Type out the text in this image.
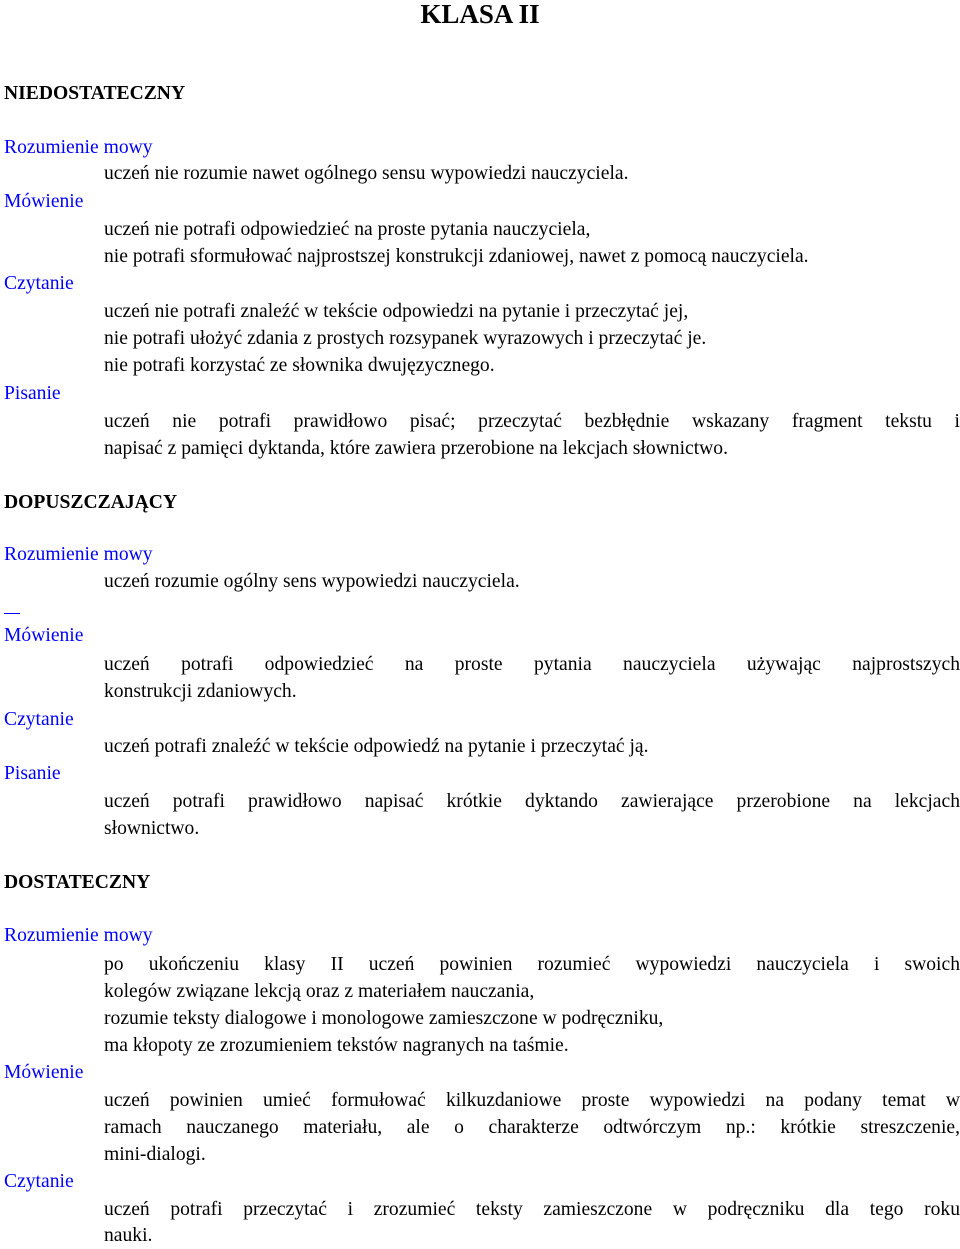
KLASA II
NIEDOSTATECZNY
Rozumienie mowy
uczeń nie rozumie nawet ogólnego sensu wypowiedzi nauczyciela.
Mówienie
uczeń nie potrafi odpowiedzieć na proste pytania nauczyciela,
nie potrafi sformułować najprostszej konstrukcji zdaniowej, nawet z pomocą nauczyciela.
Czytanie
uczeń nie potrafi znaleźć w tekście odpowiedzi na pytanie i przeczytać jej,
nie potrafi ułożyć zdania z prostych rozsypanek wyrazowych i przeczytać je.
nie potrafi korzystać ze słownika dwujęzycznego.
Pisanie
uczeń nie potrafi prawidłowo pisać; przeczytać bezbłędnie wskazany fragment tekstu i
napisać z pamięci dyktanda, które zawiera przerobione na lekcjach słownictwo.
DOPUSZCZAJĄCY
Rozumienie mowy
uczeń rozumie ogólny sens wypowiedzi nauczyciela.
Mówienie
uczeń potrafi odpowiedzieć na proste pytania nauczyciela używając najprostszych
konstrukcji zdaniowych.
Czytanie
uczeń potrafi znaleźć w tekście odpowiedź na pytanie i przeczytać ją.
Pisanie
uczeń potrafi prawidłowo napisać krótkie dyktando zawierające przerobione na lekcjach
słownictwo.
DOSTATECZNY
Rozumienie mowy
po ukończeniu klasy II uczeń powinien rozumieć wypowiedzi nauczyciela i swoich
kolegów związane lekcją oraz z materiałem nauczania,
rozumie teksty dialogowe i monologowe zamieszczone w podręczniku,
ma kłopoty ze zrozumieniem tekstów nagranych na taśmie.
Mówienie
uczeń powinien umieć formułować kilkuzdaniowe proste wypowiedzi na podany temat w
ramach nauczanego materiału, ale o charakterze odtwórczym np.: krótkie streszczenie,
mini-dialogi.
Czytanie
uczeń potrafi przeczytać i zrozumieć teksty zamieszczone w podręczniku dla tego roku
nauki.
